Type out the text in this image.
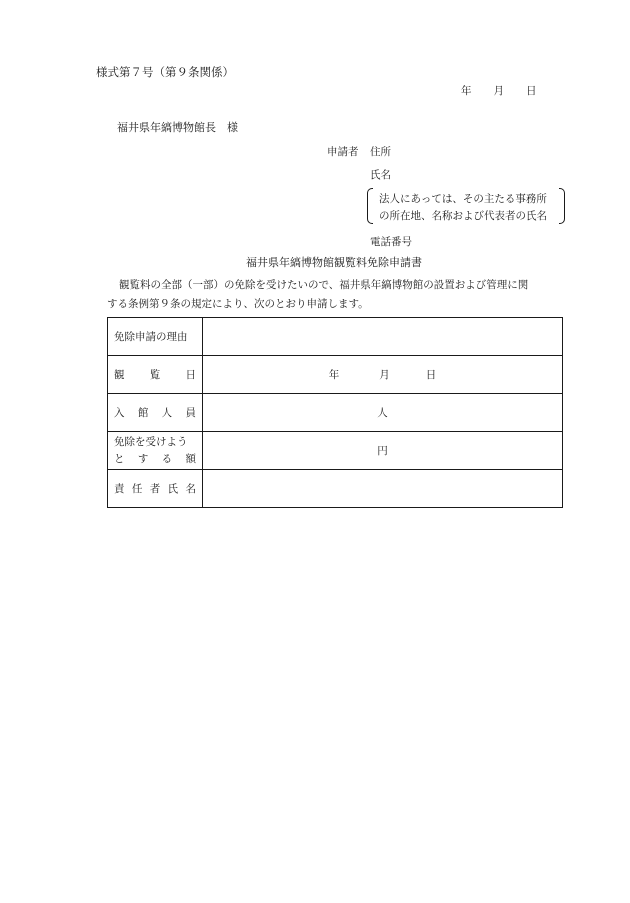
様式第７号（第９条関係）
年 月 日
福井県年縞博物館長　様
申請者 住所
氏名
法人にあっては、その主たる事務所
の所在地、名称および代表者の氏名
電話番号
福井県年縞博物館観覧料免除申請書
観覧料の全部（一部）の免除を受けたいので、福井県年縞博物館の設置および管理に関
する条例第９条の規定により、次のとおり申請します。
免除申請の理由	

観 覧 日	年 月 日

入 館 人 員	人

免除を受けよう
と す る 額	円

責 任 者 氏 名	
